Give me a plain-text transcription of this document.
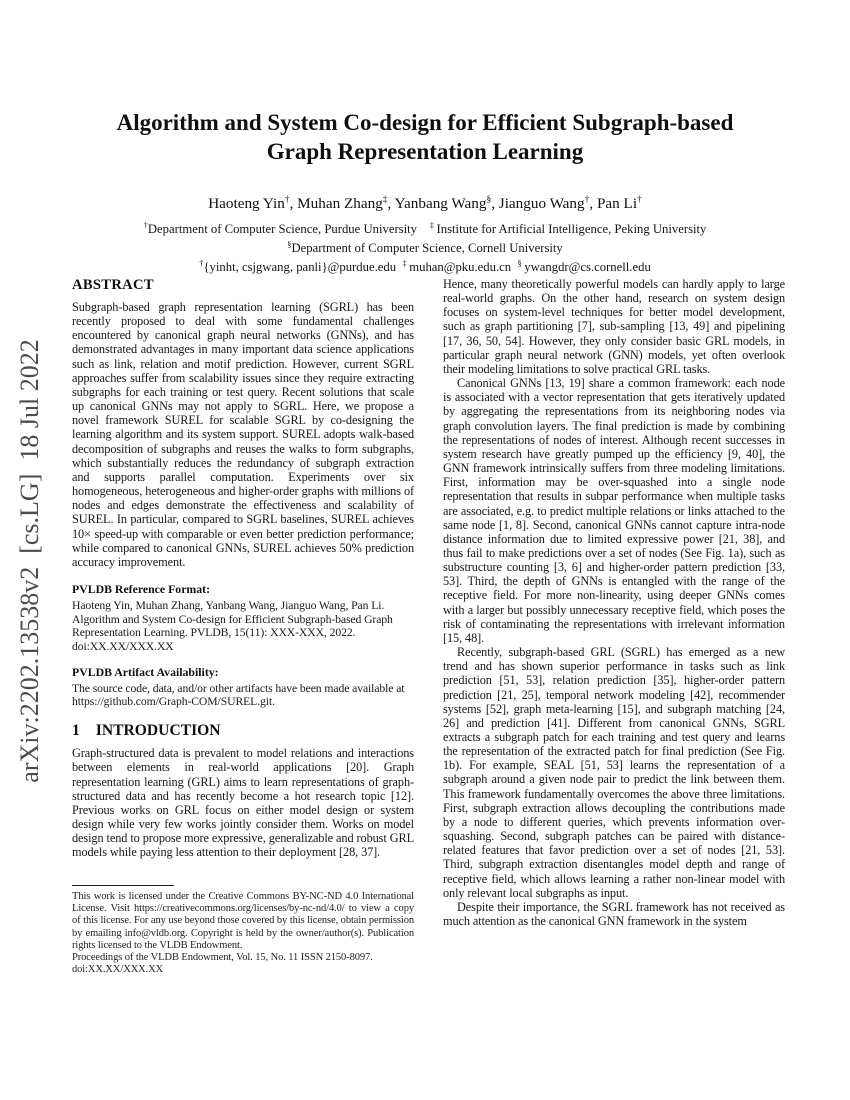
arXiv:2202.13538v2 [cs.LG] 18 Jul 2022
Algorithm and System Co-design for Efficient Subgraph-based
Graph Representation Learning
Haoteng Yin†, Muhan Zhang‡, Yanbang Wang§, Jianguo Wang†, Pan Li†
†Department of Computer Science, Purdue University ‡ Institute for Artificial Intelligence, Peking University
§Department of Computer Science, Cornell University
†{yinht, csjgwang, panli}@purdue.edu ‡ muhan@pku.edu.cn § ywangdr@cs.cornell.edu
ABSTRACT

Subgraph-based graph representation learning (SGRL) has been recently proposed to deal with some fundamental challenges encountered by canonical graph neural networks (GNNs), and has demonstrated advantages in many important data science applications such as link, relation and motif prediction. However, current SGRL approaches suffer from scalability issues since they require extracting subgraphs for each training or test query. Recent solutions that scale up canonical GNNs may not apply to SGRL. Here, we propose a novel framework SUREL for scalable SGRL by co-designing the learning algorithm and its system support. SUREL adopts walk-based decomposition of subgraphs and reuses the walks to form subgraphs, which substantially reduces the redundancy of subgraph extraction and supports parallel computation. Experiments over six homogeneous, heterogeneous and higher-order graphs with millions of nodes and edges demonstrate the effectiveness and scalability of SUREL. In particular, compared to SGRL baselines, SUREL achieves 10× speed-up with comparable or even better prediction performance; while compared to canonical GNNs, SUREL achieves 50% prediction accuracy improvement.

PVLDB Reference Format:

Haoteng Yin, Muhan Zhang, Yanbang Wang, Jianguo Wang, Pan Li. Algorithm and System Co-design for Efficient Subgraph-based Graph Representation Learning. PVLDB, 15(11): XXX-XXX, 2022.

doi:XX.XX/XXX.XX

PVLDB Artifact Availability:

The source code, data, and/or other artifacts have been made available at https://github.com/Graph-COM/SUREL.git.

1 INTRODUCTION

Graph-structured data is prevalent to model relations and interactions between elements in real-world applications [20]. Graph representation learning (GRL) aims to learn representations of graph-structured data and has recently become a hot research topic [12]. Previous works on GRL focus on either model design or system design while very few works jointly consider them. Works on model design tend to propose more expressive, generalizable and robust GRL models while paying less attention to their deployment [28, 37].

Hence, many theoretically powerful models can hardly apply to large real-world graphs. On the other hand, research on system design focuses on system-level techniques for better model development, such as graph partitioning [7], sub-sampling [13, 49] and pipelining [17, 36, 50, 54]. However, they only consider basic GRL models, in particular graph neural network (GNN) models, yet often overlook their modeling limitations to solve practical GRL tasks.

Canonical GNNs [13, 19] share a common framework: each node is associated with a vector representation that gets iteratively updated by aggregating the representations from its neighboring nodes via graph convolution layers. The final prediction is made by combining the representations of nodes of interest. Although recent successes in system research have greatly pumped up the efficiency [9, 40], the GNN framework intrinsically suffers from three modeling limitations. First, information may be over-squashed into a single node representation that results in subpar performance when multiple tasks are associated, e.g. to predict multiple relations or links attached to the same node [1, 8]. Second, canonical GNNs cannot capture intra-node distance information due to limited expressive power [21, 38], and thus fail to make predictions over a set of nodes (See Fig. 1a), such as substructure counting [3, 6] and higher-order pattern prediction [33, 53]. Third, the depth of GNNs is entangled with the range of the receptive field. For more non-linearity, using deeper GNNs comes with a larger but possibly unnecessary receptive field, which poses the risk of contaminating the representations with irrelevant information [15, 48].

Recently, subgraph-based GRL (SGRL) has emerged as a new trend and has shown superior performance in tasks such as link prediction [51, 53], relation prediction [35], higher-order pattern prediction [21, 25], temporal network modeling [42], recommender systems [52], graph meta-learning [15], and subgraph matching [24, 26] and prediction [41]. Different from canonical GNNs, SGRL extracts a subgraph patch for each training and test query and learns the representation of the extracted patch for final prediction (See Fig. 1b). For example, SEAL [51, 53] learns the representation of a subgraph around a given node pair to predict the link between them. This framework fundamentally overcomes the above three limitations. First, subgraph extraction allows decoupling the contributions made by a node to different queries, which prevents information over-squashing. Second, subgraph patches can be paired with distance-related features that favor prediction over a set of nodes [21, 53]. Third, subgraph extraction disentangles model depth and range of receptive field, which allows learning a rather non-linear model with only relevant local subgraphs as input.

Despite their importance, the SGRL framework has not received as much attention as the canonical GNN framework in the system

This work is licensed under the Creative Commons BY-NC-ND 4.0 International License. Visit https://creativecommons.org/licenses/by-nc-nd/4.0/ to view a copy of this license. For any use beyond those covered by this license, obtain permission by emailing info@vldb.org. Copyright is held by the owner/author(s). Publication rights licensed to the VLDB Endowment.

Proceedings of the VLDB Endowment, Vol. 15, No. 11 ISSN 2150-8097.
doi:XX.XX/XXX.XX
